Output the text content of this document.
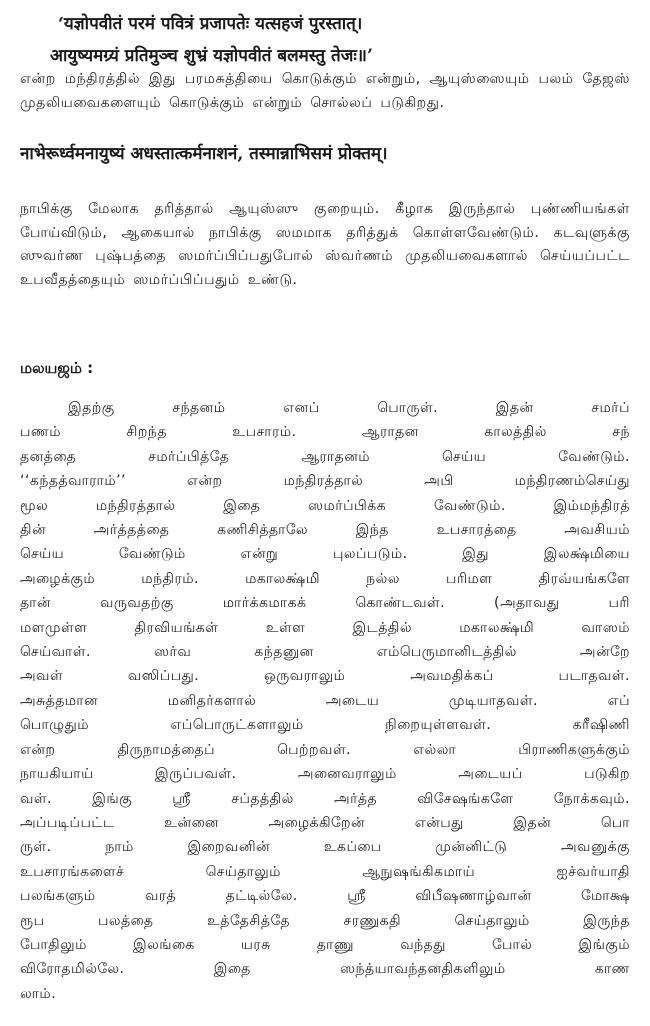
‘यज्ञोपवीतं परमं पवित्रं प्रजापतेः यत्सहजं पुरस्तात्।
आयुष्यमग्र्यं प्रतिमुञ्च शुभ्रं यज्ञोपवीतं बलमस्तु तेजः॥’
என்ற மந்திரத்தில் இது பரமசுத்தியை கொடுக்கும் என்றும், ஆயுஸ்ஸையும் பலம் தேஜஸ் முதலியவைகளையும் கொடுக்கும் என்றும் சொல்லப் படுகிறது.
नाभेरूर्ध्वमनायुष्यं अधस्तात्कर्मनाशनं, तस्मान्नाभिसमं प्रोक्तम्।
நாபிக்கு மேலாக தரித்தால் ஆயுஸ்ஸு குறையும். கீழாக இருந்தால் புண்ணியங்கள் போய்விடும், ஆகையால் நாபிக்கு ஸமமாக தரித்துக் கொள்ளவேண்டும். கடவுளுக்கு ஸுவர்ண புஷ்பத்தை ஸமர்ப்பிப்பதுபோல் ஸ்வர்ணம் முதலியவைகளால் செய்யப்பட்ட உபவீதத்தையும் ஸமர்ப்பிப்பதும் உண்டு.
மலயஜம் :
இதற்கு சந்தனம் எனப் பொருள். இதன் சமர்ப்
பணம் சிறந்த உபசாரம். ஆராதன காலத்தில் சந்
தனத்தை சமர்ப்பித்தே ஆராதனம் செய்ய வேண்டும்.
‘‘கந்தத்வாராம்’’ என்ற மந்திரத்தால் அபி மந்திரணம்செய்து
மூல மந்திரத்தால் இதை ஸமர்ப்பிக்க வேண்டும். இம்மந்திரத்
தின் அர்த்தத்தை கணிசித்தாலே இந்த உபசாரத்தை அவசியம்
செய்ய வேண்டும் என்று புலப்படும். இது இலக்ஷ்மியை
அழைக்கும் மந்திரம். மகாலக்ஷ்மி நல்ல பரிமள திரவ்யங்களே
தான் வருவதற்கு மார்க்கமாகக் கொண்டவள். (அதாவது பரி
மளமுள்ள திரவியங்கள் உள்ள இடத்தில் மகாலக்ஷ்மி வாஸம்
செய்வாள். ஸர்வ கந்தனுன எம்பெருமானிடத்தில் அன்றே
அவள் வஸிப்பது. ஒருவராலும் அவமதிக்கப் படாதவள்.
அசுத்தமான மனிதர்களால் அடைய முடியாதவள். எப்
பொழுதும் எப்பொருட்களாலும் நிறையுள்ளவள். கரீஷிணி
என்ற திருநாமத்தைப் பெற்றவள். எல்லா பிராணிகளுக்கும்
நாயகியாய் இருப்பவள். அனைவராலும் அடையப் படுகிற
வள். இங்கு ஸ்ரீ சப்தத்தில் அர்த்த விசேஷங்களே நோக்கவும்.
அப்படிப்பட்ட உன்னை அழைக்கிறேன் என்பது இதன் பொ
ருள். நாம் இறைவனின் உகப்பை முன்னிட்டு அவனுக்கு
உபசாரங்களைச் செய்தாலும் ஆநுஷங்கிகமாய் ஐச்வர்யாதி
பலங்களும் வரத் தட்டில்லே. ஸ்ரீ விபீஷணாழ்வான் மோக்ஷ
ரூப பலத்தை உத்தேசித்தே சரணுகதி செய்தாலும் இருந்த
போதிலும் இலங்கை யரசு தாணு வந்தது போல் இங்கும்
விரோதமில்லே. இதை ஸந்த்யாவந்தனதிகளிலும் காண
லாம்.
